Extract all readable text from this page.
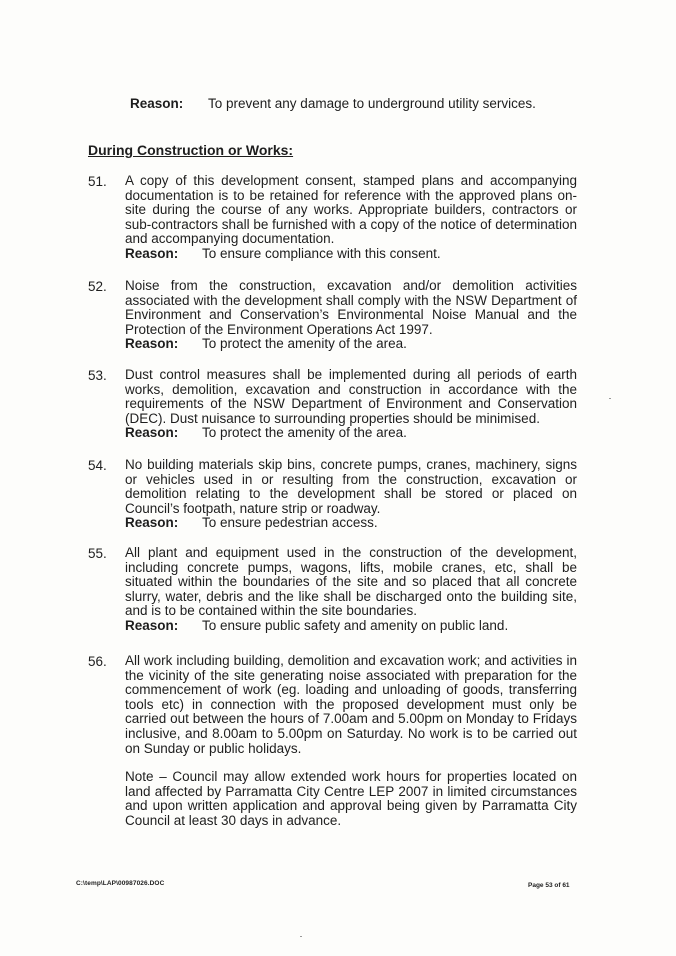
Reason: To prevent any damage to underground utility services.
During Construction or Works:
51. A copy of this development consent, stamped plans and accompanying documentation is to be retained for reference with the approved plans on-site during the course of any works. Appropriate builders, contractors or sub-contractors shall be furnished with a copy of the notice of determination and accompanying documentation.

Reason: To ensure compliance with this consent.
52. Noise from the construction, excavation and/or demolition activities associated with the development shall comply with the NSW Department of Environment and Conservation’s Environmental Noise Manual and the Protection of the Environment Operations Act 1997.

Reason: To protect the amenity of the area.
53. Dust control measures shall be implemented during all periods of earth works, demolition, excavation and construction in accordance with the requirements of the NSW Department of Environment and Conservation (DEC). Dust nuisance to surrounding properties should be minimised.

Reason: To protect the amenity of the area.
54. No building materials skip bins, concrete pumps, cranes, machinery, signs or vehicles used in or resulting from the construction, excavation or demolition relating to the development shall be stored or placed on Council’s footpath, nature strip or roadway.

Reason: To ensure pedestrian access.
55. All plant and equipment used in the construction of the development, including concrete pumps, wagons, lifts, mobile cranes, etc, shall be situated within the boundaries of the site and so placed that all concrete slurry, water, debris and the like shall be discharged onto the building site, and is to be contained within the site boundaries.

Reason: To ensure public safety and amenity on public land.
56. All work including building, demolition and excavation work; and activities in the vicinity of the site generating noise associated with preparation for the commencement of work (eg. loading and unloading of goods, transferring tools etc) in connection with the proposed development must only be carried out between the hours of 7.00am and 5.00pm on Monday to Fridays inclusive, and 8.00am to 5.00pm on Saturday. No work is to be carried out on Sunday or public holidays.

Note – Council may allow extended work hours for properties located on land affected by Parramatta City Centre LEP 2007 in limited circumstances and upon written application and approval being given by Parramatta City Council at least 30 days in advance.

C:\temp\LAP\00987026.DOC	Page 53 of 61
